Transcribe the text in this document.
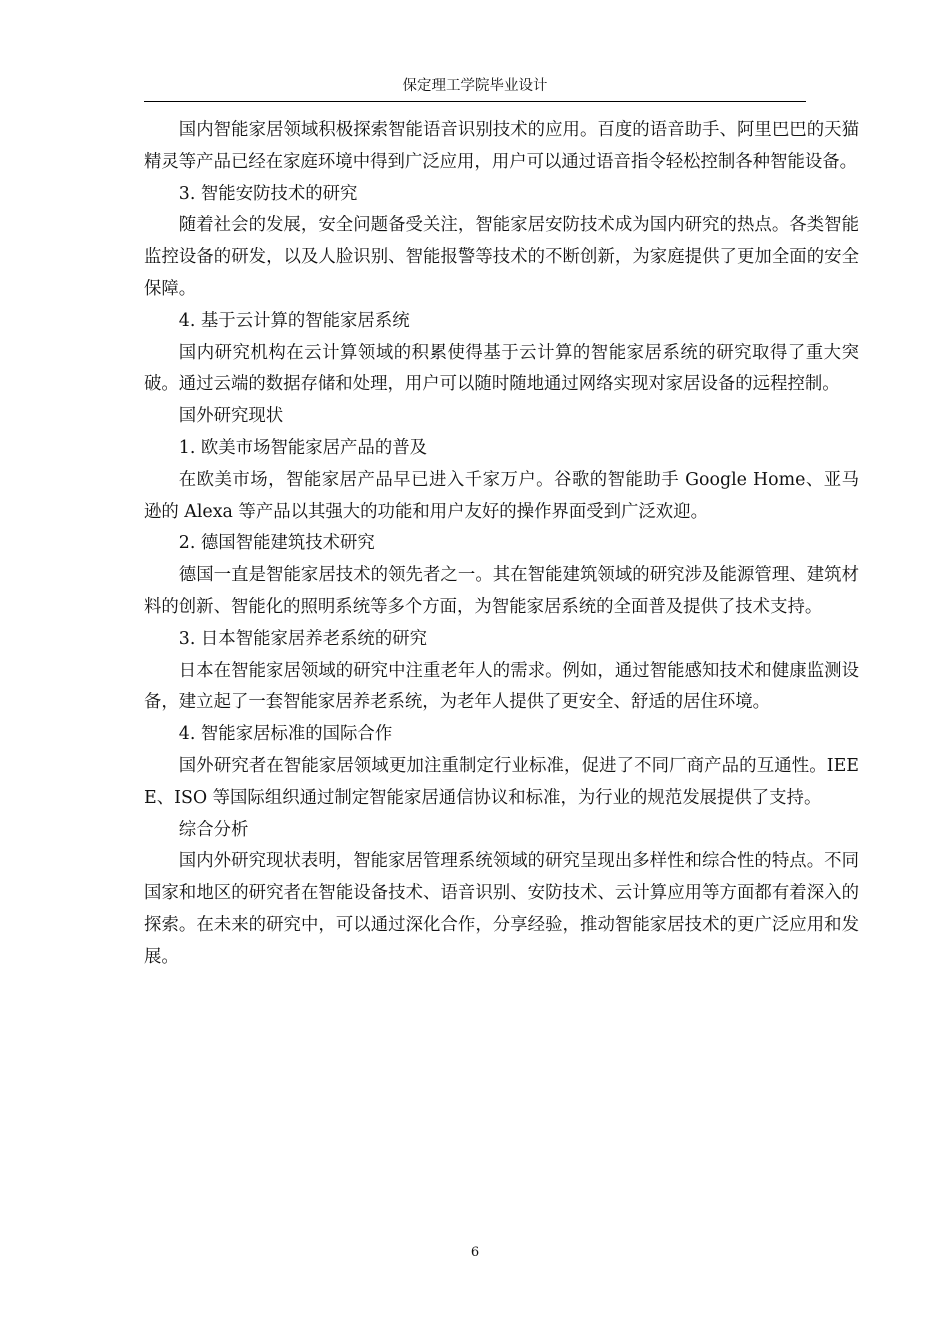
保定理工学院毕业设计

国内智能家居领域积极探索智能语音识别技术的应用。百度的语音助手、阿里巴巴的天猫精灵等产品已经在家庭环境中得到广泛应用，用户可以通过语音指令轻松控制各种智能设备。

3. 智能安防技术的研究

随着社会的发展，安全问题备受关注，智能家居安防技术成为国内研究的热点。各类智能监控设备的研发，以及人脸识别、智能报警等技术的不断创新，为家庭提供了更加全面的安全保障。

4. 基于云计算的智能家居系统

国内研究机构在云计算领域的积累使得基于云计算的智能家居系统的研究取得了重大突破。通过云端的数据存储和处理，用户可以随时随地通过网络实现对家居设备的远程控制。

国外研究现状

1. 欧美市场智能家居产品的普及

在欧美市场，智能家居产品早已进入千家万户。谷歌的智能助手 Google Home、亚马逊的 Alexa 等产品以其强大的功能和用户友好的操作界面受到广泛欢迎。

2. 德国智能建筑技术研究

德国一直是智能家居技术的领先者之一。其在智能建筑领域的研究涉及能源管理、建筑材料的创新、智能化的照明系统等多个方面，为智能家居系统的全面普及提供了技术支持。

3. 日本智能家居养老系统的研究

日本在智能家居领域的研究中注重老年人的需求。例如，通过智能感知技术和健康监测设备，建立起了一套智能家居养老系统，为老年人提供了更安全、舒适的居住环境。

4. 智能家居标准的国际合作

国外研究者在智能家居领域更加注重制定行业标准，促进了不同厂商产品的互通性。IEEE、ISO 等国际组织通过制定智能家居通信协议和标准，为行业的规范发展提供了支持。

综合分析

国内外研究现状表明，智能家居管理系统领域的研究呈现出多样性和综合性的特点。不同国家和地区的研究者在智能设备技术、语音识别、安防技术、云计算应用等方面都有着深入的探索。在未来的研究中，可以通过深化合作，分享经验，推动智能家居技术的更广泛应用和发展。

6
